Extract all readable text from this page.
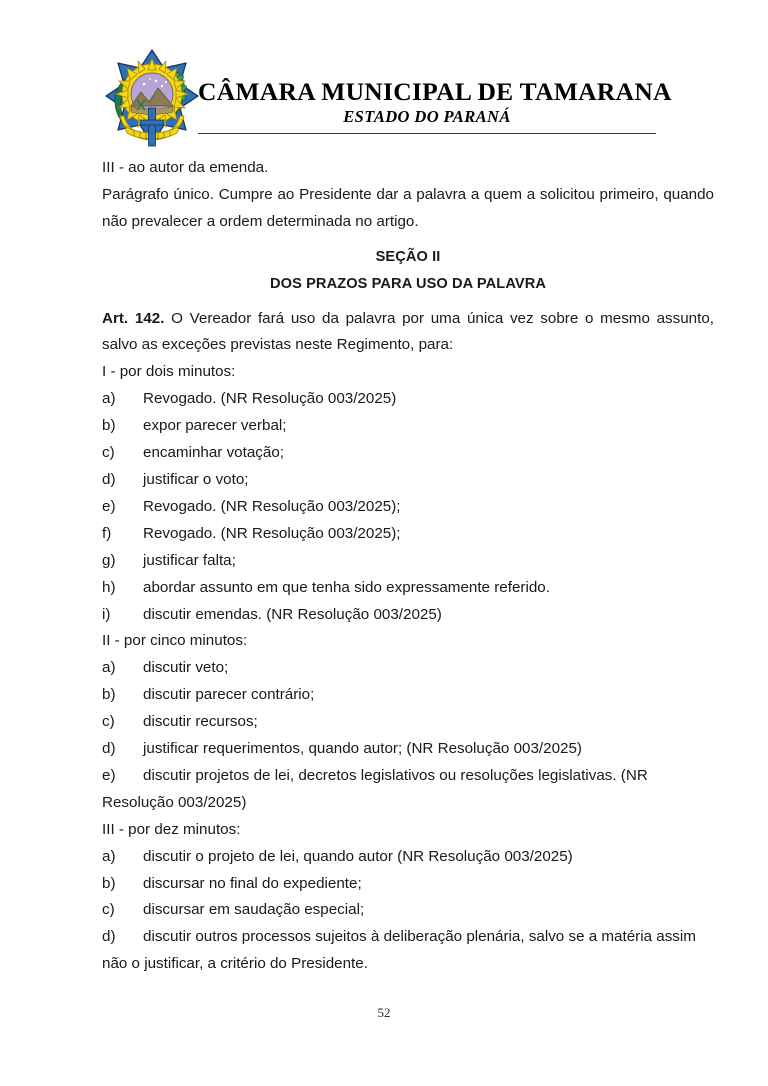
CÂMARA MUNICIPAL DE TAMARANA
ESTADO DO PARANÁ

III - ao autor da emenda.

Parágrafo único. Cumpre ao Presidente dar a palavra a quem a solicitou primeiro, quando não prevalecer a ordem determinada no artigo.

SEÇÃO II

DOS PRAZOS PARA USO DA PALAVRA

Art. 142. O Vereador fará uso da palavra por uma única vez sobre o mesmo assunto, salvo as exceções previstas neste Regimento, para:

I - por dois minutos:

a)	Revogado. (NR Resolução 003/2025)
b)	expor parecer verbal;
c)	encaminhar votação;
d)	justificar o voto;
e)	Revogado. (NR Resolução 003/2025);
f)	Revogado. (NR Resolução 003/2025);
g)	justificar falta;
h)	abordar assunto em que tenha sido expressamente referido.
i)	discutir emendas. (NR Resolução 003/2025)

II - por cinco minutos:

a)	discutir veto;
b)	discutir parecer contrário;
c)	discutir recursos;
d)	justificar requerimentos, quando autor; (NR Resolução 003/2025)
e) discutir projetos de lei, decretos legislativos ou resoluções legislativas. (NR Resolução 003/2025)

III - por dez minutos:

a)	discutir o projeto de lei, quando autor (NR Resolução 003/2025)
b)	discursar no final do expediente;
c)	discursar em saudação especial;
d) discutir outros processos sujeitos à deliberação plenária, salvo se a matéria assim não o justificar, a critério do Presidente.
52
